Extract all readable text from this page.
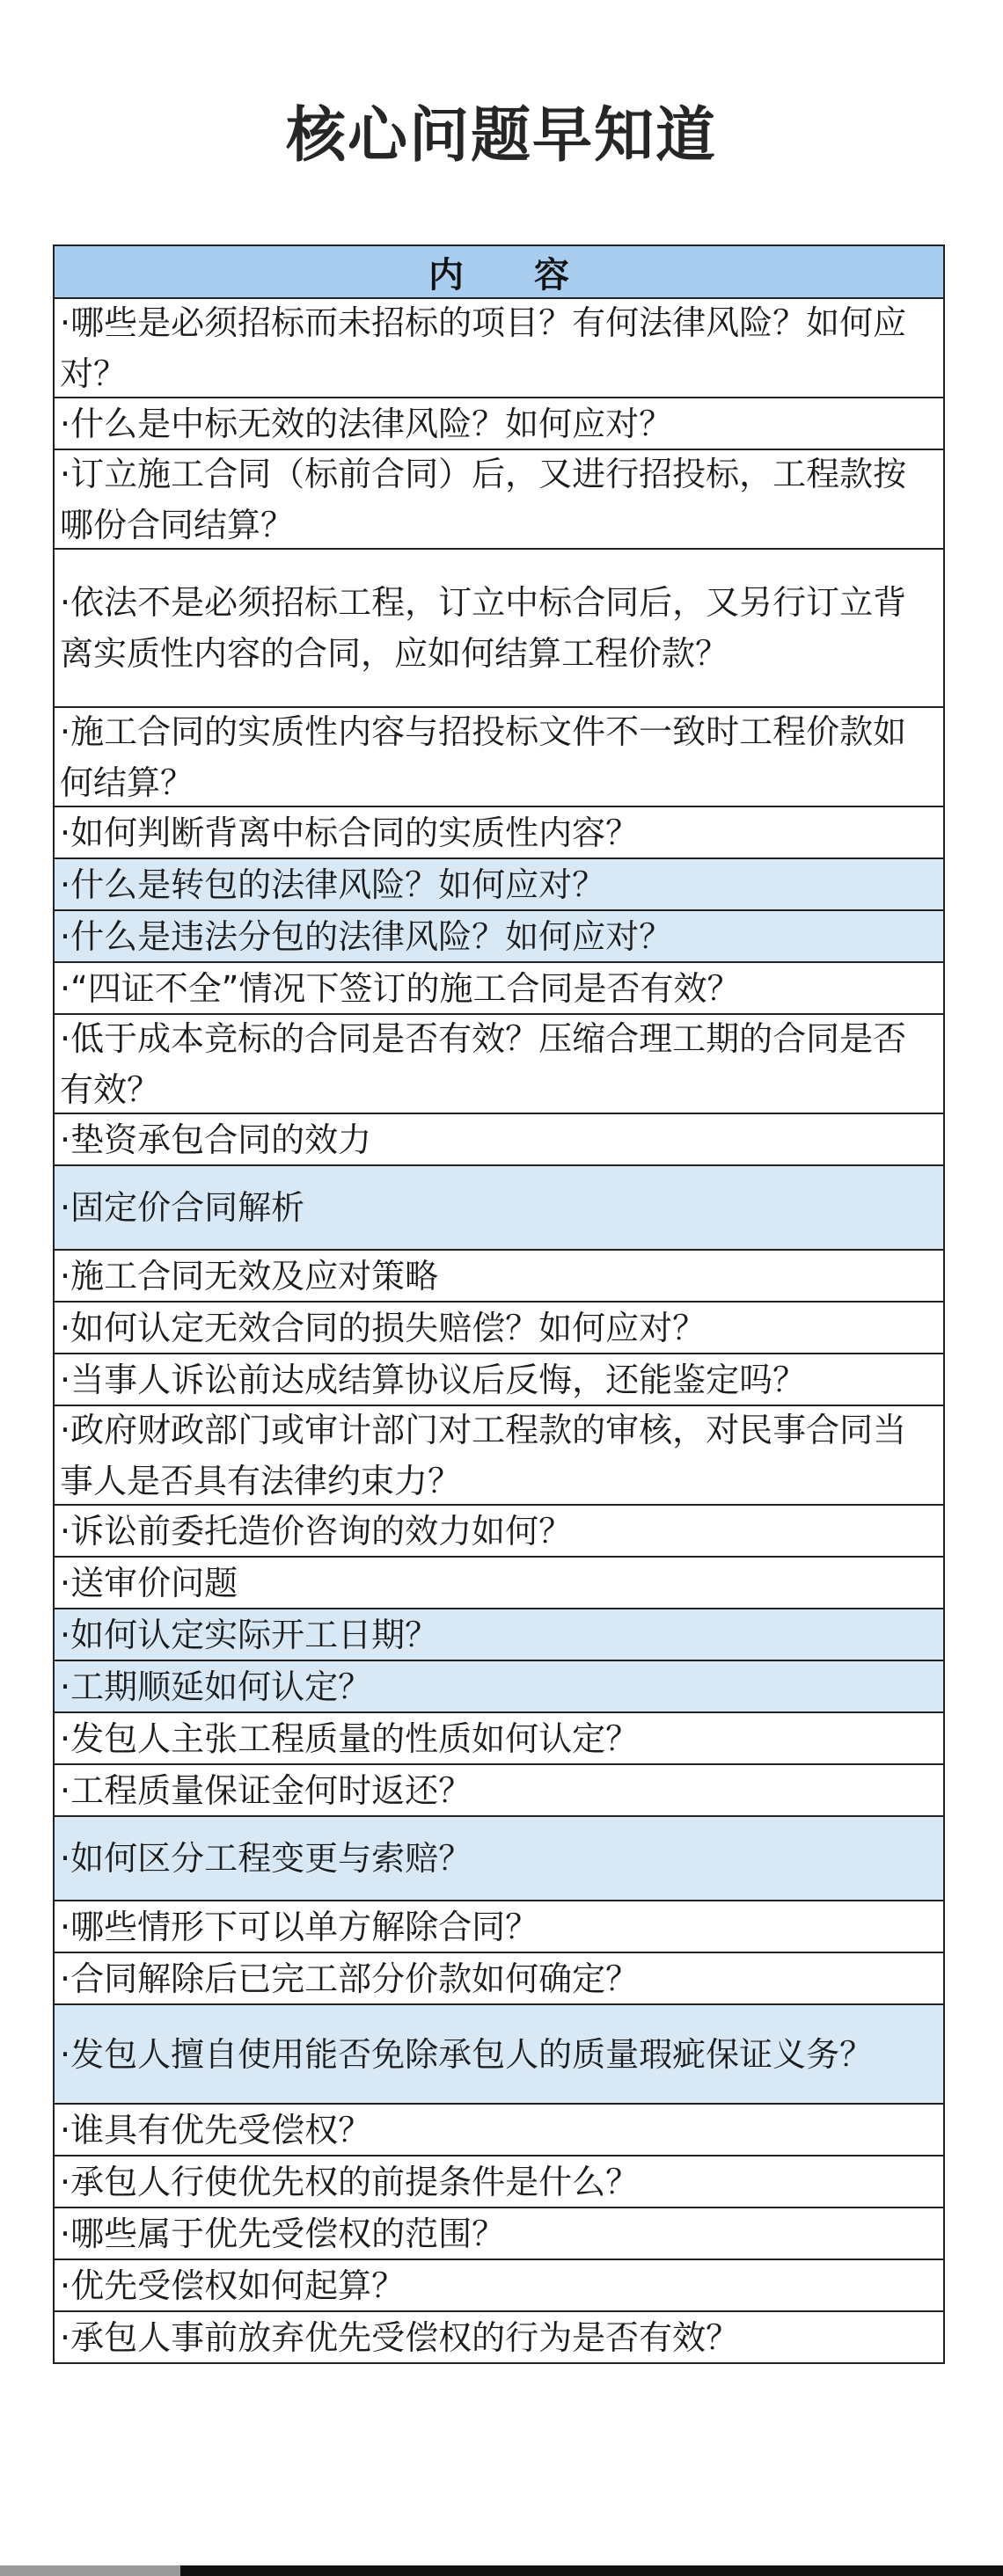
核心问题早知道
内容
·哪些是必须招标而未招标的项目？有何法律风险？如何应对？
·什么是中标无效的法律风险？如何应对？
·订立施工合同（标前合同）后，又进行招投标，工程款按哪份合同结算？
·依法不是必须招标工程，订立中标合同后，又另行订立背离实质性内容的合同，应如何结算工程价款？
·施工合同的实质性内容与招投标文件不一致时工程价款如何结算？
·如何判断背离中标合同的实质性内容？
·什么是转包的法律风险？如何应对？
·什么是违法分包的法律风险？如何应对？
·“四证不全”情况下签订的施工合同是否有效？
·低于成本竞标的合同是否有效？压缩合理工期的合同是否有效？
·垫资承包合同的效力
·固定价合同解析
·施工合同无效及应对策略
·如何认定无效合同的损失赔偿？如何应对？
·当事人诉讼前达成结算协议后反悔，还能鉴定吗？
·政府财政部门或审计部门对工程款的审核，对民事合同当事人是否具有法律约束力？
·诉讼前委托造价咨询的效力如何？
·送审价问题
·如何认定实际开工日期？
·工期顺延如何认定？
·发包人主张工程质量的性质如何认定？
·工程质量保证金何时返还？
·如何区分工程变更与索赔？
·哪些情形下可以单方解除合同？
·合同解除后已完工部分价款如何确定？
·发包人擅自使用能否免除承包人的质量瑕疵保证义务？
·谁具有优先受偿权？
·承包人行使优先权的前提条件是什么？
·哪些属于优先受偿权的范围？
·优先受偿权如何起算？
·承包人事前放弃优先受偿权的行为是否有效？
